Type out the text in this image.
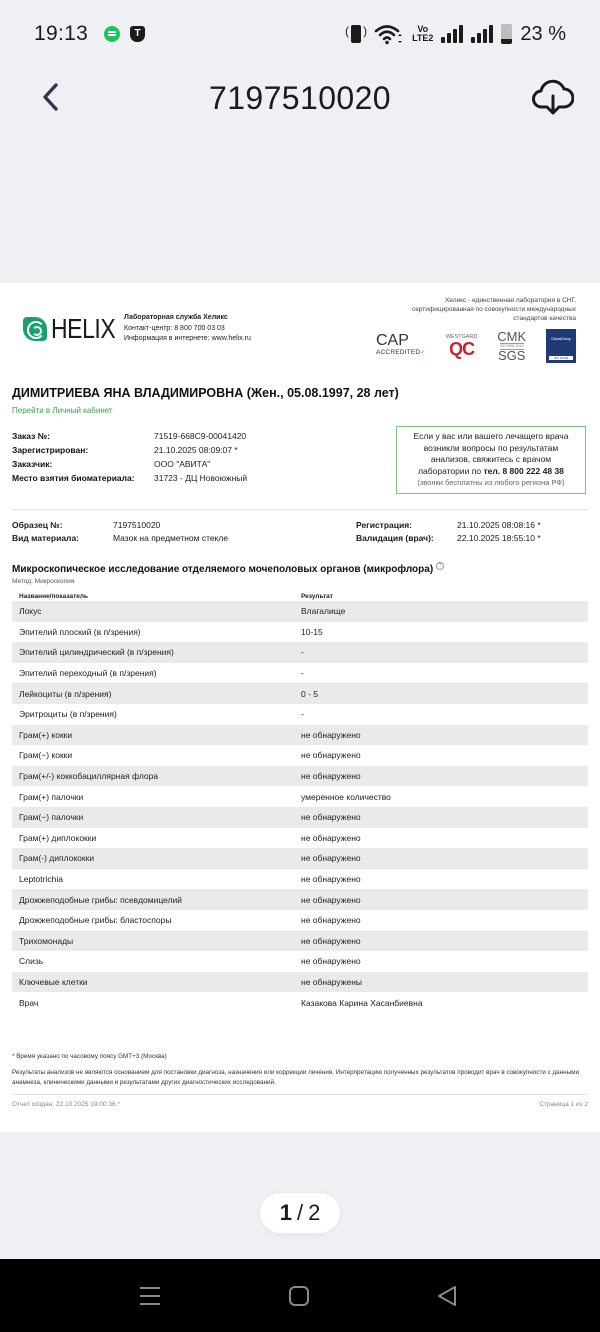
19:13	T ) )	Vo
LTE2	23 %
7197510020
HELIX Лабораторная служба Хеликс
Контакт-центр: 8 800 700 03 03
Информация в интернете: www.helix.ru
Хеликс - единственная лаборатория в СНГ,
сертифицированная по совокупности международных
стандартов качества
CAP
ACCREDITED✓
.........................................
WESTGARD
QC
CMK
ISO 9001:2015
SGS
GlobalGroup
ISO 15189
ДИМИТРИЕВА ЯНА ВЛАДИМИРОВНА (Жен., 05.08.1997, 28 лет)
Перейти в Личный кабинет
Заказ №:	71519-668C9-00041420
Зарегистрирован:	21.10.2025 08:09:07 *
Заказчик:	ООО "АВИТА"
Место взятия биоматериала:	31723 - ДЦ Новоюжный
Если у вас или вашего лечащего врача
возникли вопросы по результатам
анализов, свяжитесь с врачом
лаборатории по тел. 8 800 222 48 38
(звонки бесплатны из любого региона РФ)
Образец №:	7197510020
Вид материала:	Мазок на предметном стекле
Регистрация:	21.10.2025 08:08:16 *
Валидация (врач):	22.10.2025 18:55:10 *
Микроскопическое исследование отделяемого мочеполовых органов (микрофлора) ?
Метод: Микроскопия
Название/показатель	Результат
Локус	Влагалище
Эпителий плоский (в п/зрения)	10-15
Эпителий цилиндрический (в п/зрения)	-
Эпителий переходный (в п/зрения)	-
Лейкоциты (в п/зрения)	0 - 5
Эритроциты (в п/зрения)	-
Грам(+) кокки	не обнаружено
Грам(−) кокки	не обнаружено
Грам(+/-) коккобациллярная флора	не обнаружено
Грам(+) палочки	умеренное количество
Грам(−) палочки	не обнаружено
Грам(+) диплококки	не обнаружено
Грам(-) диплококки	не обнаружено
Leptotrichia	не обнаружено
Дрожжеподобные грибы: псевдомицелий	не обнаружено
Дрожжеподобные грибы: бластоспоры	не обнаружено
Трихомонады	не обнаружено
Слизь	не обнаружено
Ключевые клетки	не обнаружены
Врач	Казакова Карина Хасанбиевна
* Время указано по часовому поясу GMT+3 (Москва)
Результаты анализов не являются основанием для постановки диагноза, назначения или коррекции лечения. Интерпретацию полученных результатов проводит врач в совокупности с данными анамнеза, клиническими данными и результатами других диагностических исследований.
Отчет создан: 22.10.2025 19:00:36 *	Страница 1 из 2
1 / 2
